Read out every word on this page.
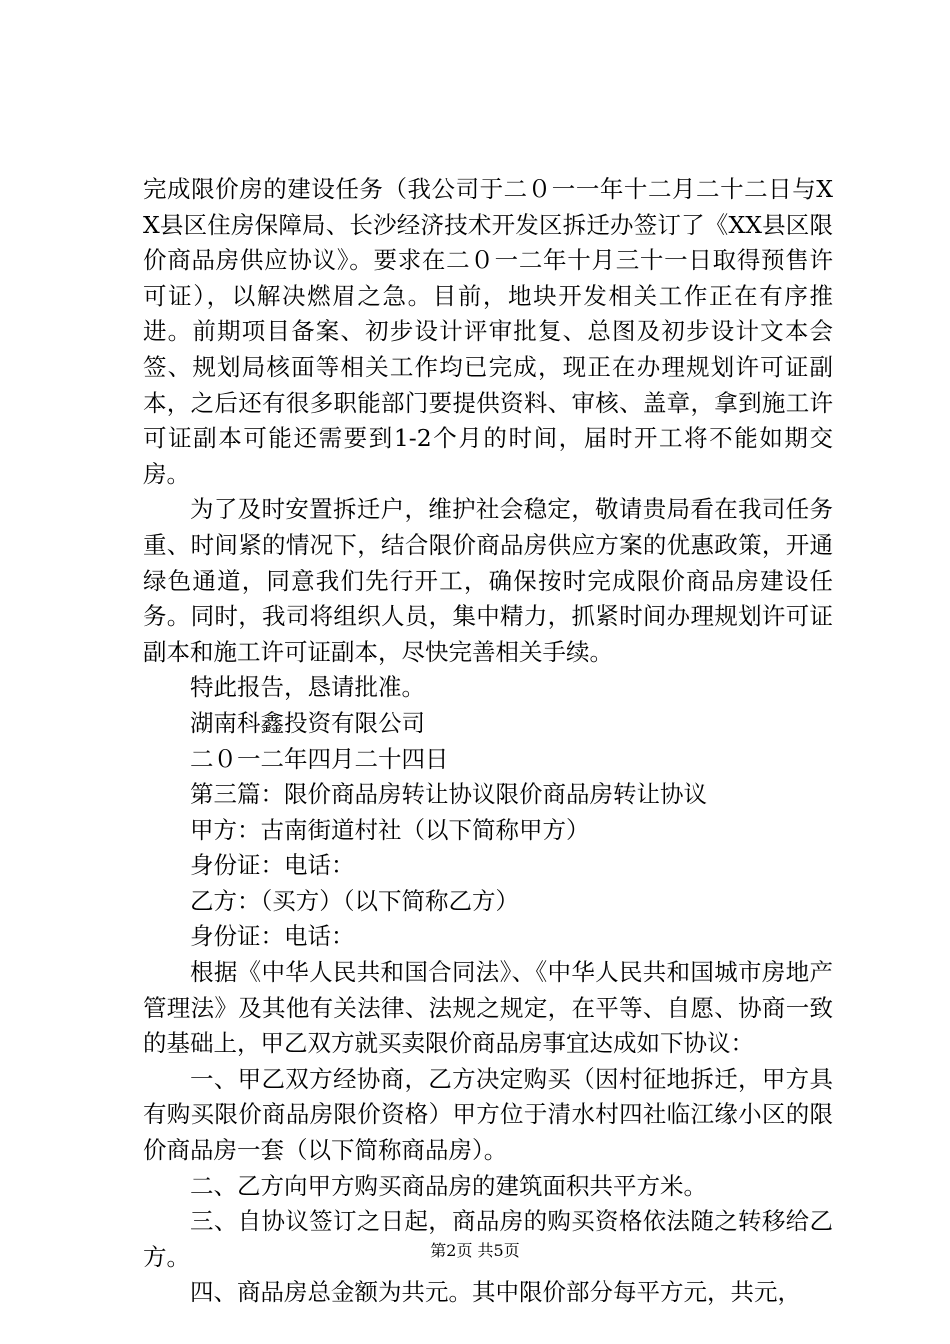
完成限价房的建设任务（我公司于二０一一年十二月二十二日与XX县区住房保障局、长沙经济技术开发区拆迁办签订了《XX县区限价商品房供应协议》。要求在二０一二年十月三十一日取得预售许可证），以解决燃眉之急。目前，地块开发相关工作正在有序推进。前期项目备案、初步设计评审批复、总图及初步设计文本会签、规划局核面等相关工作均已完成，现正在办理规划许可证副本，之后还有很多职能部门要提供资料、审核、盖章，拿到施工许可证副本可能还需要到1-2个月的时间，届时开工将不能如期交房。

为了及时安置拆迁户，维护社会稳定，敬请贵局看在我司任务重、时间紧的情况下，结合限价商品房供应方案的优惠政策，开通绿色通道，同意我们先行开工，确保按时完成限价商品房建设任务。同时，我司将组织人员，集中精力，抓紧时间办理规划许可证副本和施工许可证副本，尽快完善相关手续。

特此报告，恳请批准。

湖南科鑫投资有限公司

二０一二年四月二十四日

第三篇：限价商品房转让协议限价商品房转让协议

甲方：古南街道村社（以下简称甲方）

身份证：电话：

乙方：（买方）（以下简称乙方）

身份证：电话：

根据《中华人民共和国合同法》、《中华人民共和国城市房地产管理法》及其他有关法律、法规之规定，在平等、自愿、协商一致的基础上，甲乙双方就买卖限价商品房事宜达成如下协议：

一、甲乙双方经协商，乙方决定购买（因村征地拆迁，甲方具有购买限价商品房限价资格）甲方位于清水村四社临江缘小区的限价商品房一套（以下简称商品房）。

二、乙方向甲方购买商品房的建筑面积共平方米。

三、自协议签订之日起，商品房的购买资格依法随之转移给乙方。

四、商品房总金额为共元。其中限价部分每平方元，共元，

第2页 共5页
